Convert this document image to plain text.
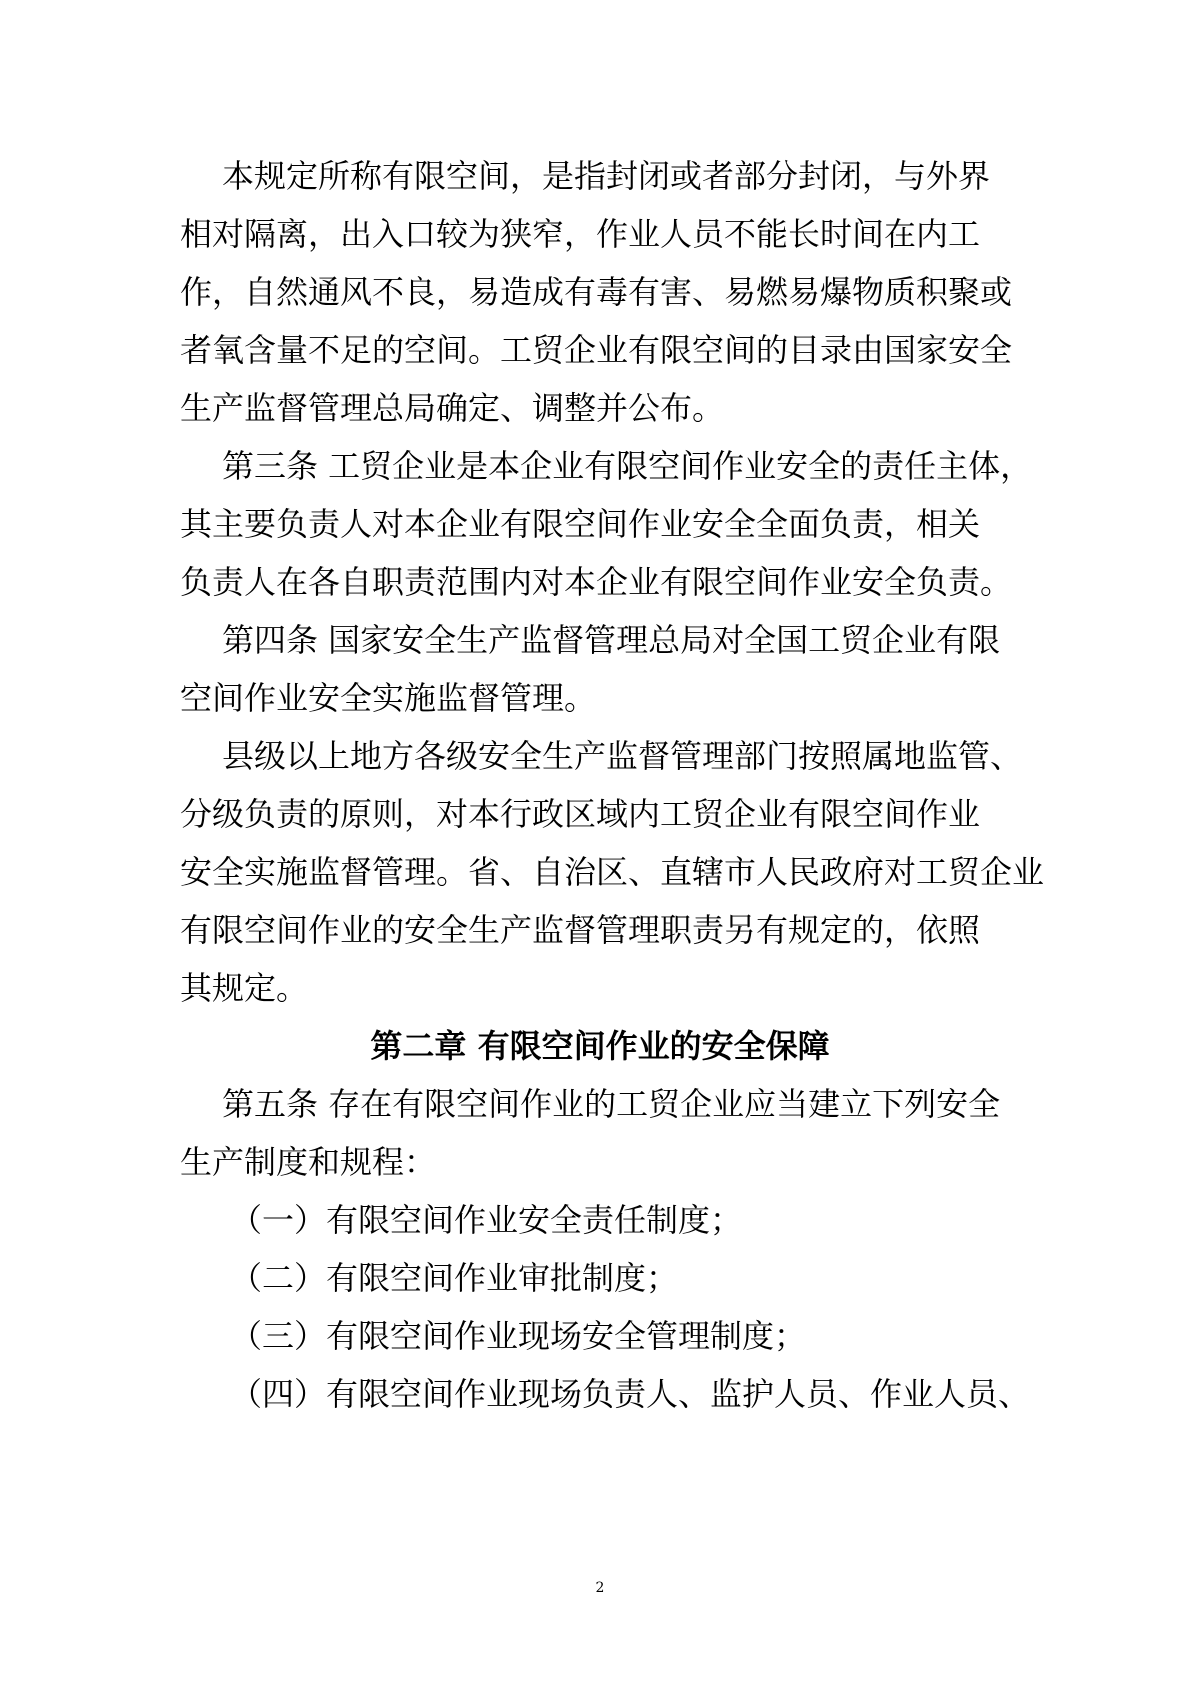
本规定所称有限空间，是指封闭或者部分封闭，与外界
相对隔离，出入口较为狭窄，作业人员不能长时间在内工
作，自然通风不良，易造成有毒有害、易燃易爆物质积聚或
者氧含量不足的空间。工贸企业有限空间的目录由国家安全
生产监督管理总局确定、调整并公布。
第三条 工贸企业是本企业有限空间作业安全的责任主体，
其主要负责人对本企业有限空间作业安全全面负责，相关
负责人在各自职责范围内对本企业有限空间作业安全负责。
第四条 国家安全生产监督管理总局对全国工贸企业有限
空间作业安全实施监督管理。
县级以上地方各级安全生产监督管理部门按照属地监管、
分级负责的原则，对本行政区域内工贸企业有限空间作业
安全实施监督管理。省、自治区、直辖市人民政府对工贸企业
有限空间作业的安全生产监督管理职责另有规定的，依照
其规定。
第二章 有限空间作业的安全保障
第五条 存在有限空间作业的工贸企业应当建立下列安全
生产制度和规程：
（一）有限空间作业安全责任制度；
（二）有限空间作业审批制度；
（三）有限空间作业现场安全管理制度；
（四）有限空间作业现场负责人、监护人员、作业人员、
2
